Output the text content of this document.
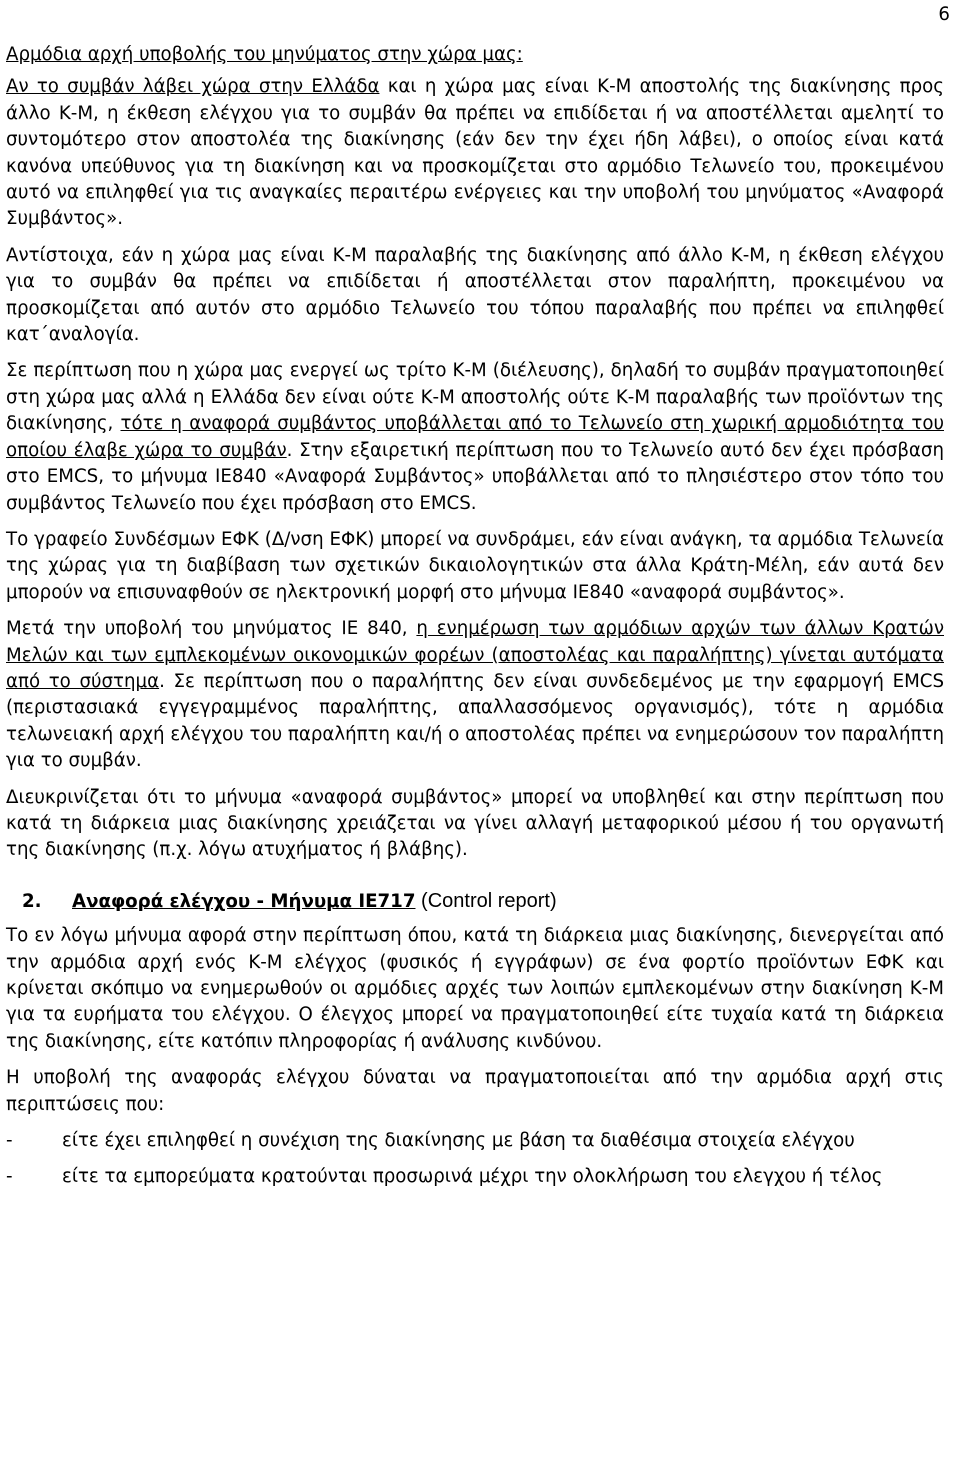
6

Αρμόδια αρχή υποβολής του μηνύματος στην χώρα μας:

Αν το συμβάν λάβει χώρα στην Ελλάδα και η χώρα μας είναι Κ-Μ αποστολής της διακίνησης προς άλλο Κ-Μ, η έκθεση ελέγχου για το συμβάν θα πρέπει να επιδίδεται ή να αποστέλλεται αμελητί το συντομότερο στον αποστολέα της διακίνησης (εάν δεν την έχει ήδη λάβει), ο οποίος είναι κατά κανόνα υπεύθυνος για τη διακίνηση και να προσκομίζεται στο αρμόδιο Τελωνείο του, προκειμένου αυτό να επιληφθεί για τις αναγκαίες περαιτέρω ενέργειες και την υποβολή του μηνύματος «Αναφορά Συμβάντος».

Αντίστοιχα, εάν η χώρα μας είναι Κ-Μ παραλαβής της διακίνησης από άλλο Κ-Μ, η έκθεση ελέγχου για το συμβάν θα πρέπει να επιδίδεται ή αποστέλλεται στον παραλήπτη, προκειμένου να προσκομίζεται από αυτόν στο αρμόδιο Τελωνείο του τόπου παραλαβής που πρέπει να επιληφθεί κατ΄αναλογία.

Σε περίπτωση που η χώρα μας ενεργεί ως τρίτο Κ-Μ (διέλευσης), δηλαδή το συμβάν πραγματοποιηθεί στη χώρα μας αλλά η Ελλάδα δεν είναι ούτε Κ-Μ αποστολής ούτε Κ-Μ παραλαβής των προϊόντων της διακίνησης, τότε η αναφορά συμβάντος υποβάλλεται από το Τελωνείο στη χωρική αρμοδιότητα του οποίου έλαβε χώρα το συμβάν. Στην εξαιρετική περίπτωση που το Τελωνείο αυτό δεν έχει πρόσβαση στο EMCS, το μήνυμα IE840 «Αναφορά Συμβάντος» υποβάλλεται από το πλησιέστερο στον τόπο του συμβάντος Τελωνείο που έχει πρόσβαση στο EMCS.

Το γραφείο Συνδέσμων ΕΦΚ (Δ/νση ΕΦΚ) μπορεί να συνδράμει, εάν είναι ανάγκη, τα αρμόδια Τελωνεία της χώρας για τη διαβίβαση των σχετικών δικαιολογητικών στα άλλα Κράτη-Μέλη, εάν αυτά δεν μπορούν να επισυναφθούν σε ηλεκτρονική μορφή στο μήνυμα ΙΕ840 «αναφορά συμβάντος».

Μετά την υποβολή του μηνύματος ΙΕ 840, η ενημέρωση των αρμόδιων αρχών των άλλων Κρατών Μελών και των εμπλεκομένων οικονομικών φορέων (αποστολέας και παραλήπτης) γίνεται αυτόματα από το σύστημα. Σε περίπτωση που ο παραλήπτης δεν είναι συνδεδεμένος με την εφαρμογή EMCS (περιστασιακά εγγεγραμμένος παραλήπτης, απαλλασσόμενος οργανισμός), τότε η αρμόδια τελωνειακή αρχή ελέγχου του παραλήπτη και/ή ο αποστολέας πρέπει να ενημερώσουν τον παραλήπτη για το συμβάν.

Διευκρινίζεται ότι το μήνυμα «αναφορά συμβάντος» μπορεί να υποβληθεί και στην περίπτωση που κατά τη διάρκεια μιας διακίνησης χρειάζεται να γίνει αλλαγή μεταφορικού μέσου ή του οργανωτή της διακίνησης (π.χ. λόγω ατυχήματος ή βλάβης).

2. Αναφορά ελέγχου - Μήνυμα IE717 (Control report)

Το εν λόγω μήνυμα αφορά στην περίπτωση όπου, κατά τη διάρκεια μιας διακίνησης, διενεργείται από την αρμόδια αρχή ενός Κ-Μ ελέγχος (φυσικός ή εγγράφων) σε ένα φορτίο προϊόντων ΕΦΚ και κρίνεται σκόπιμο να ενημερωθούν οι αρμόδιες αρχές των λοιπών εμπλεκομένων στην διακίνηση Κ-Μ για τα ευρήματα του ελέγχου. Ο έλεγχος μπορεί να πραγματοποιηθεί είτε τυχαία κατά τη διάρκεια της διακίνησης, είτε κατόπιν πληροφορίας ή ανάλυσης κινδύνου.

Η υποβολή της αναφοράς ελέγχου δύναται να πραγματοποιείται από την αρμόδια αρχή στις περιπτώσεις που:

-	είτε έχει επιληφθεί η συνέχιση της διακίνησης με βάση τα διαθέσιμα στοιχεία ελέγχου
-	είτε τα εμπορεύματα κρατούνται προσωρινά μέχρι την ολοκλήρωση του ελεγχου ή τέλος
